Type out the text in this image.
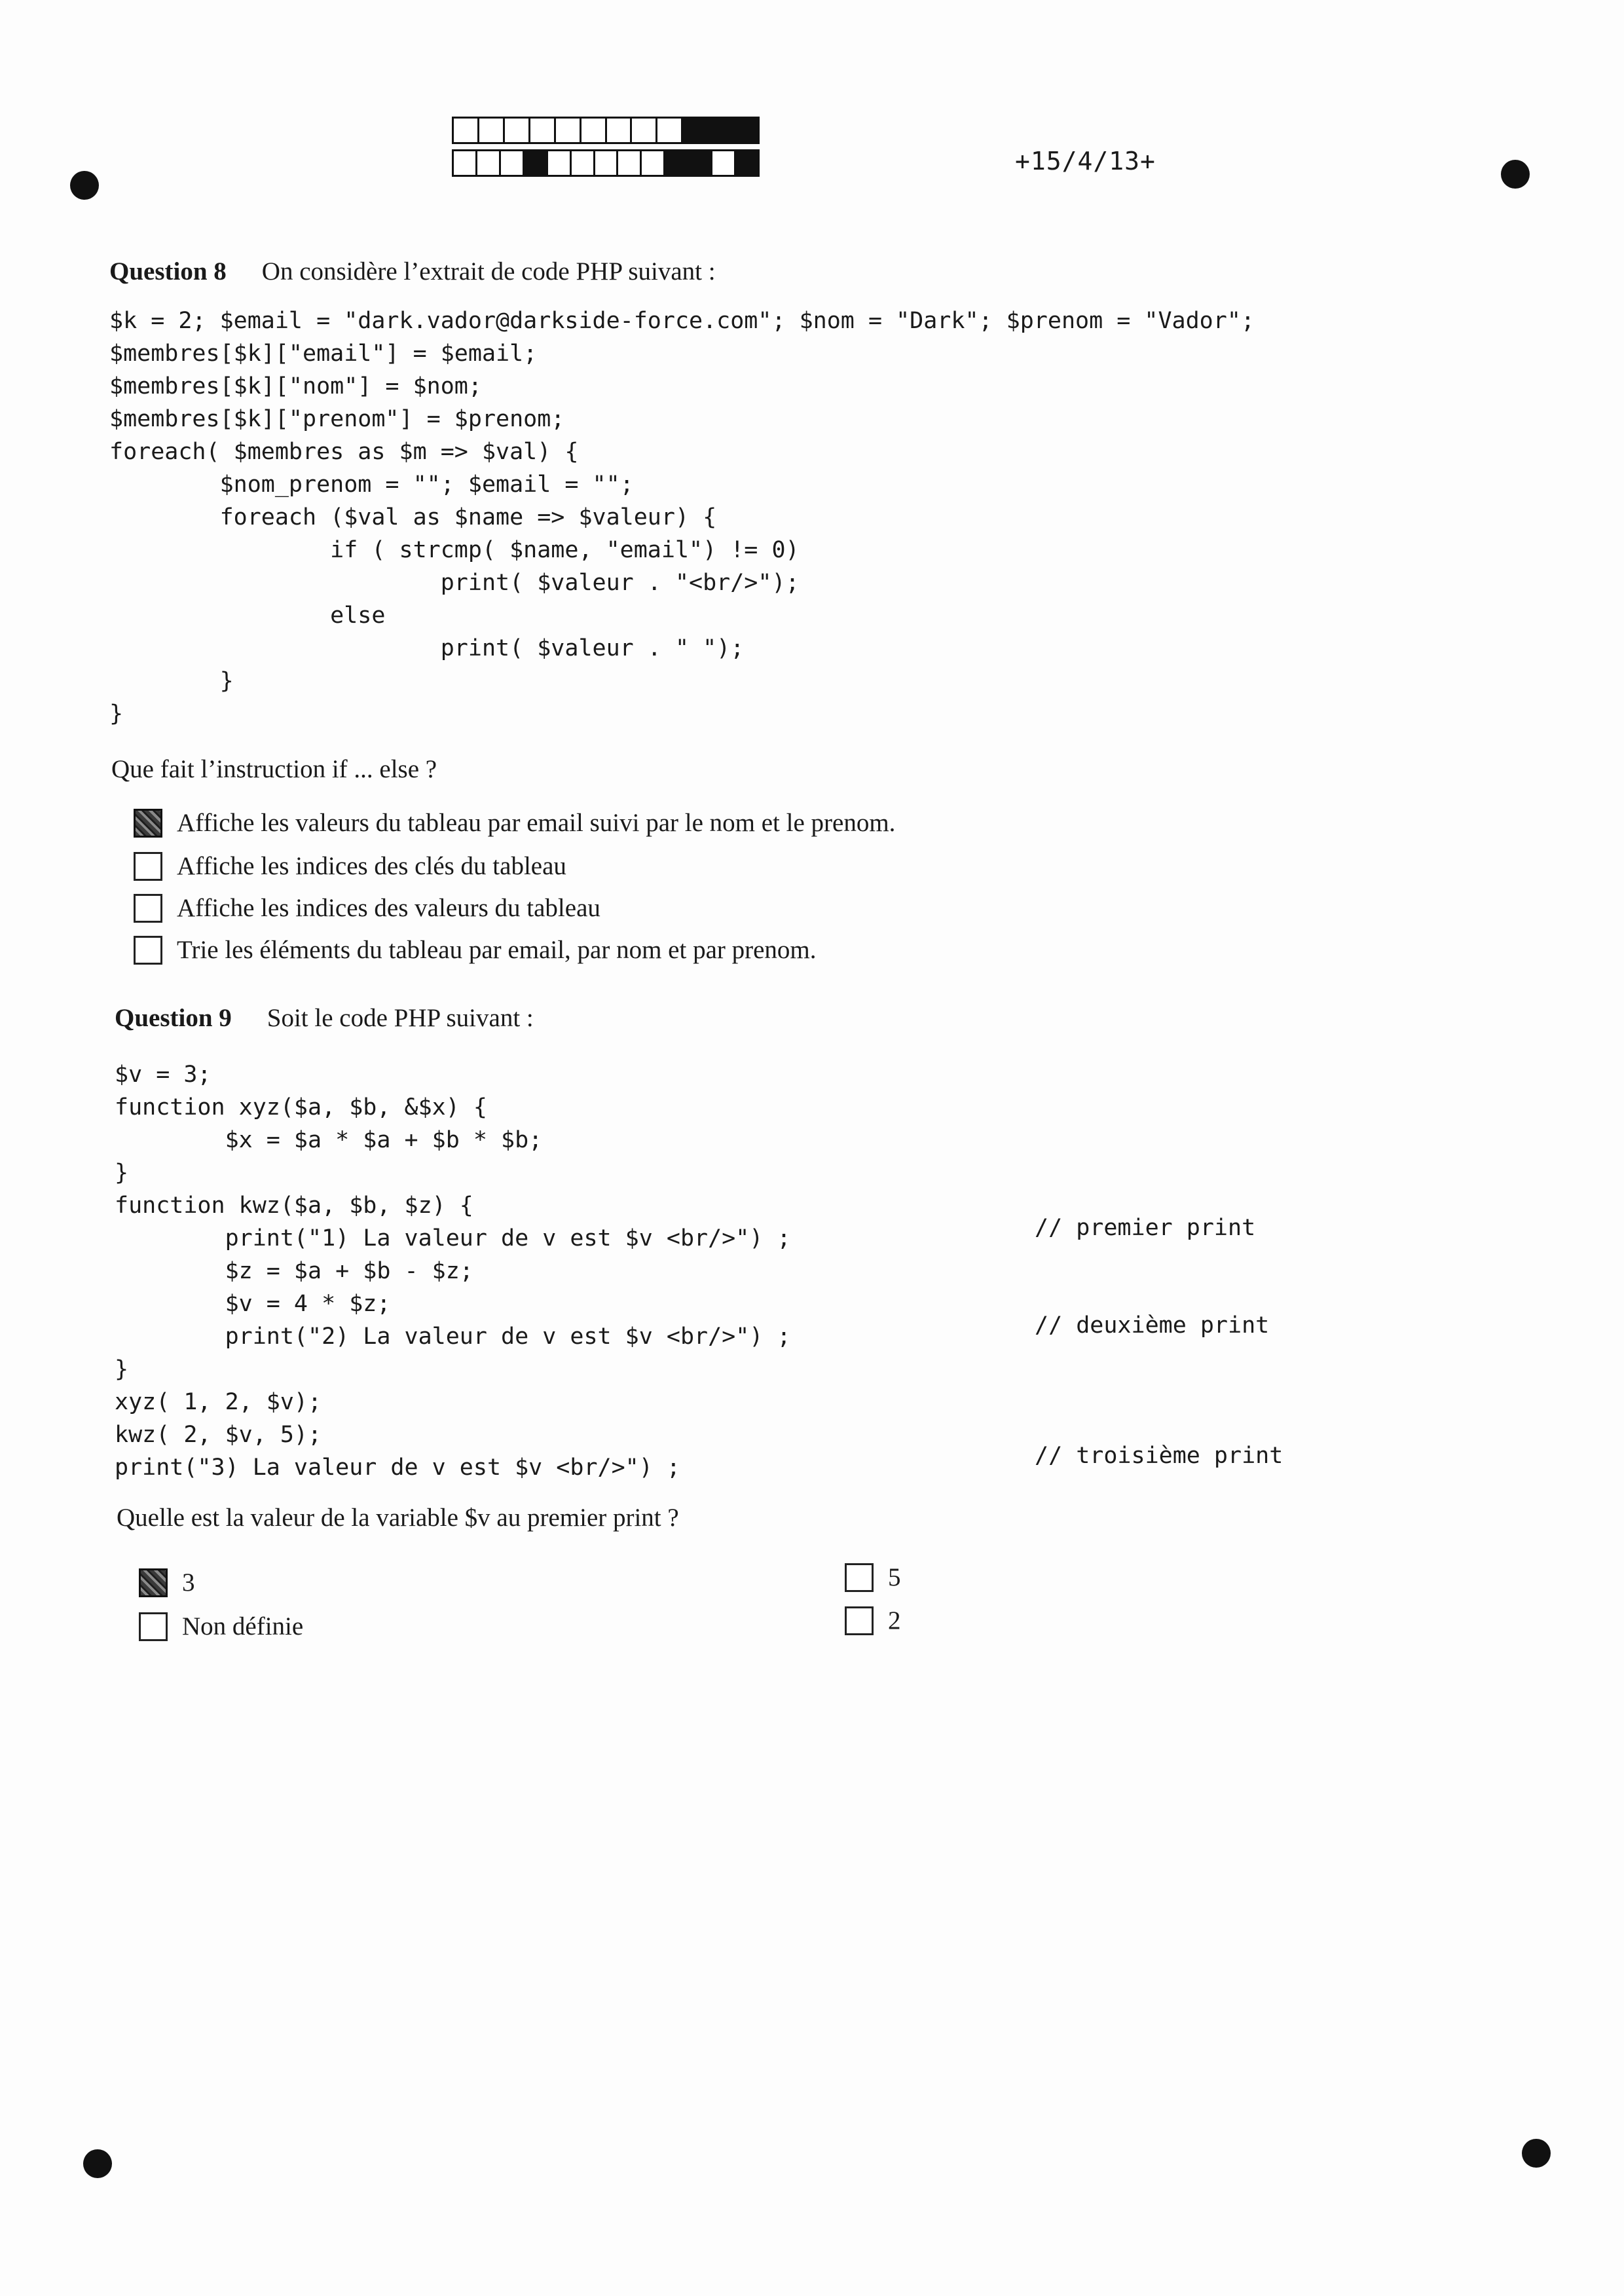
+15/4/13+
Question 8 On considère l’extrait de code PHP suivant :
$k = 2; $email = "dark.vador@darkside-force.com"; $nom = "Dark"; $prenom = "Vador";
$membres[$k]["email"] = $email;
$membres[$k]["nom"] = $nom;
$membres[$k]["prenom"] = $prenom;
foreach( $membres as $m => $val) {
$nom_prenom = ""; $email = "";
foreach ($val as $name => $valeur) {
if ( strcmp( $name, "email") != 0)
print( $valeur . "<br/>");
else
print( $valeur . " ");
}
}
Que fait l’instruction if ... else ?
Affiche les valeurs du tableau par email suivi par le nom et le prenom.
Affiche les indices des clés du tableau
Affiche les indices des valeurs du tableau
Trie les éléments du tableau par email, par nom et par prenom.
Question 9 Soit le code PHP suivant :
$v = 3;
function xyz($a, $b, &$x) {
$x = $a * $a + $b * $b;
}
function kwz($a, $b, $z) {
print("1) La valeur de v est $v <br/>") ;
$z = $a + $b - $z;
$v = 4 * $z;
print("2) La valeur de v est $v <br/>") ;
}
xyz( 1, 2, $v);
kwz( 2, $v, 5);
print("3) La valeur de v est $v <br/>") ;
// premier print
// deuxième print
// troisième print
Quelle est la valeur de la variable $v au premier print ?
3
Non définie
5
2
